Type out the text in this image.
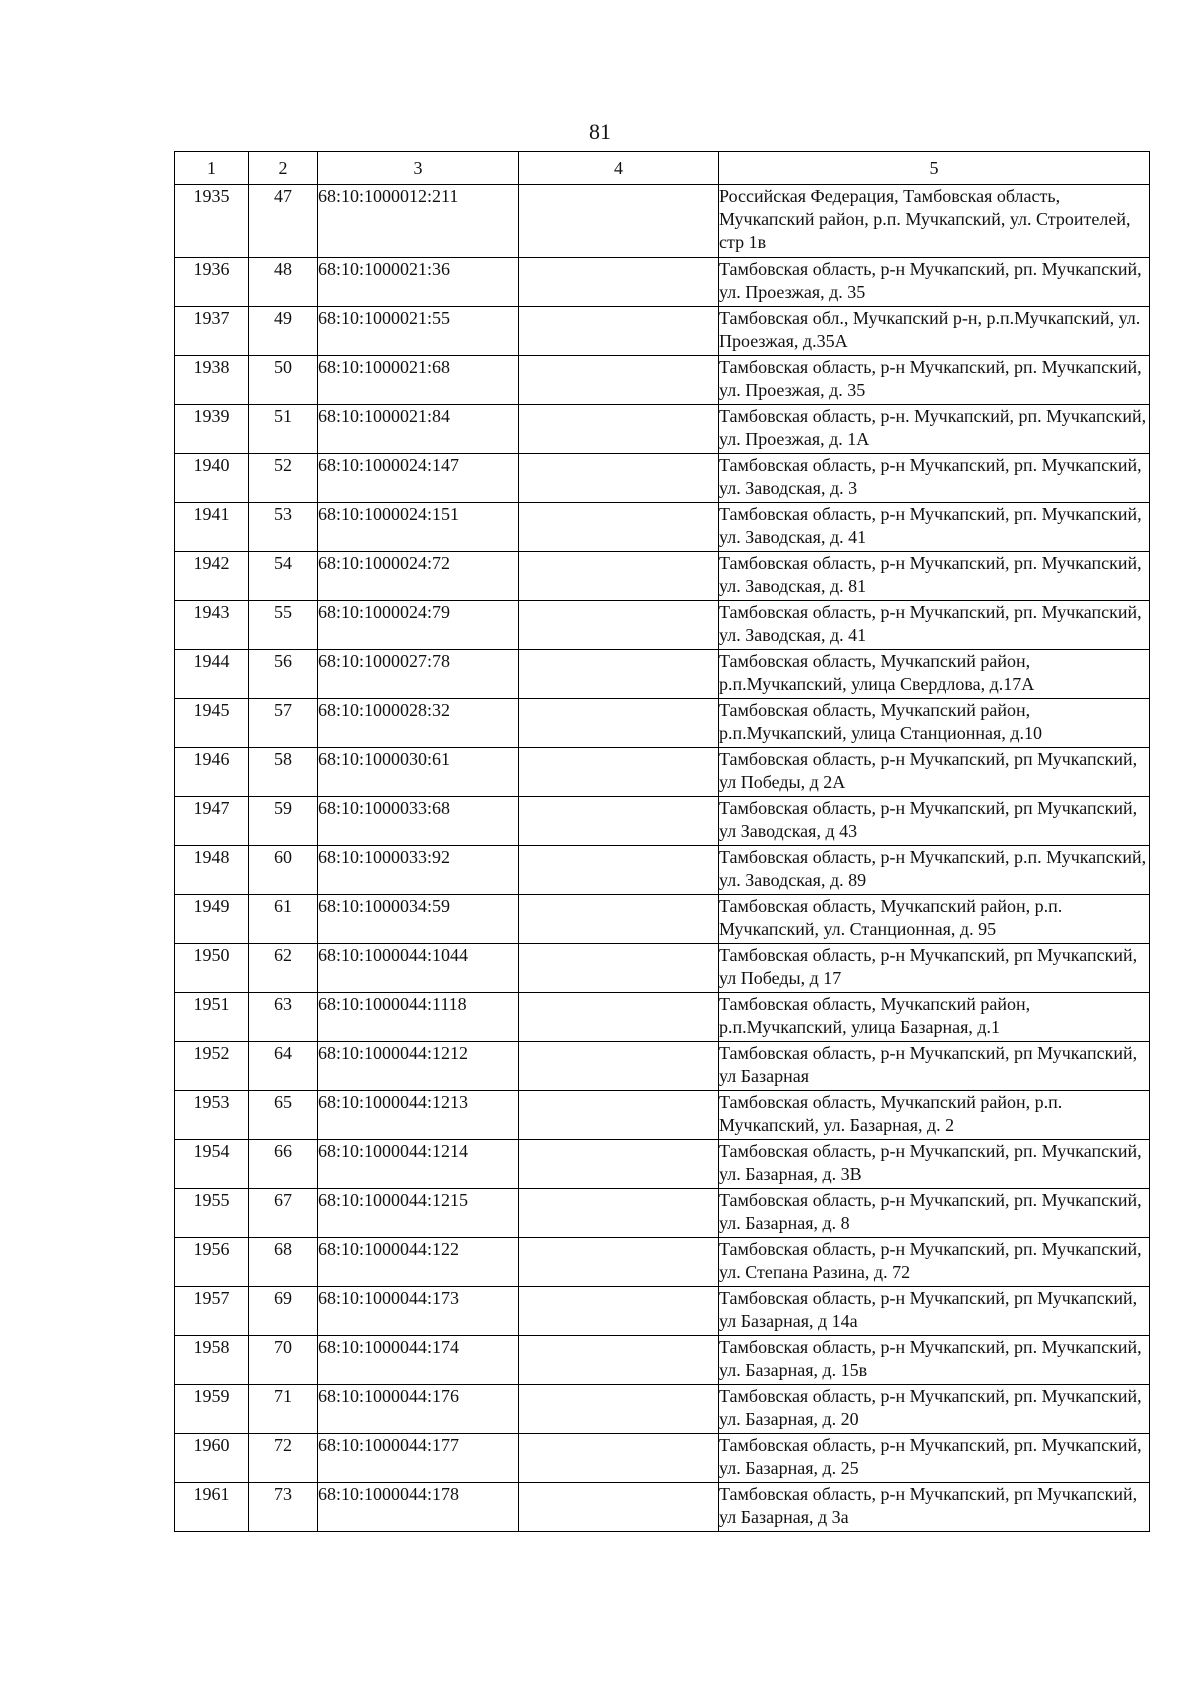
81
1	2	3	4	5
1935	47	68:10:1000012:211		Российская Федерация, Тамбовская область, Мучкапский район, р.п. Мучкапский, ул. Строителей, стр 1в
1936	48	68:10:1000021:36		Тамбовская область, р-н Мучкапский, рп. Мучкапский, ул. Проезжая, д. 35
1937	49	68:10:1000021:55		Тамбовская обл., Мучкапский р-н, р.п.Мучкапский, ул. Проезжая, д.35А
1938	50	68:10:1000021:68		Тамбовская область, р-н Мучкапский, рп. Мучкапский, ул. Проезжая, д. 35
1939	51	68:10:1000021:84		Тамбовская область, р-н. Мучкапский, рп. Мучкапский, ул. Проезжая, д. 1А
1940	52	68:10:1000024:147		Тамбовская область, р-н Мучкапский, рп. Мучкапский, ул. Заводская, д. 3
1941	53	68:10:1000024:151		Тамбовская область, р-н Мучкапский, рп. Мучкапский, ул. Заводская, д. 41
1942	54	68:10:1000024:72		Тамбовская область, р-н Мучкапский, рп. Мучкапский, ул. Заводская, д. 81
1943	55	68:10:1000024:79		Тамбовская область, р-н Мучкапский, рп. Мучкапский, ул. Заводская, д. 41
1944	56	68:10:1000027:78		Тамбовская область, Мучкапский район, р.п.Мучкапский, улица Свердлова, д.17А
1945	57	68:10:1000028:32		Тамбовская область, Мучкапский район, р.п.Мучкапский, улица Станционная, д.10
1946	58	68:10:1000030:61		Тамбовская область, р-н Мучкапский, рп Мучкапский, ул Победы, д 2А
1947	59	68:10:1000033:68		Тамбовская область, р-н Мучкапский, рп Мучкапский, ул Заводская, д 43
1948	60	68:10:1000033:92		Тамбовская область, р-н Мучкапский, р.п. Мучкапский, ул. Заводская, д. 89
1949	61	68:10:1000034:59		Тамбовская область, Мучкапский район, р.п. Мучкапский, ул. Станционная, д. 95
1950	62	68:10:1000044:1044		Тамбовская область, р-н Мучкапский, рп Мучкапский, ул Победы, д 17
1951	63	68:10:1000044:1118		Тамбовская область, Мучкапский район, р.п.Мучкапский, улица Базарная, д.1
1952	64	68:10:1000044:1212		Тамбовская область, р-н Мучкапский, рп Мучкапский, ул Базарная
1953	65	68:10:1000044:1213		Тамбовская область, Мучкапский район, р.п. Мучкапский, ул. Базарная, д. 2
1954	66	68:10:1000044:1214		Тамбовская область, р-н Мучкапский, рп. Мучкапский, ул. Базарная, д. 3В
1955	67	68:10:1000044:1215		Тамбовская область, р-н Мучкапский, рп. Мучкапский, ул. Базарная, д. 8
1956	68	68:10:1000044:122		Тамбовская область, р-н Мучкапский, рп. Мучкапский, ул. Степана Разина, д. 72
1957	69	68:10:1000044:173		Тамбовская область, р-н Мучкапский, рп Мучкапский, ул Базарная, д 14а
1958	70	68:10:1000044:174		Тамбовская область, р-н Мучкапский, рп. Мучкапский, ул. Базарная, д. 15в
1959	71	68:10:1000044:176		Тамбовская область, р-н Мучкапский, рп. Мучкапский, ул. Базарная, д. 20
1960	72	68:10:1000044:177		Тамбовская область, р-н Мучкапский, рп. Мучкапский, ул. Базарная, д. 25
1961	73	68:10:1000044:178		Тамбовская область, р-н Мучкапский, рп Мучкапский, ул Базарная, д 3а
